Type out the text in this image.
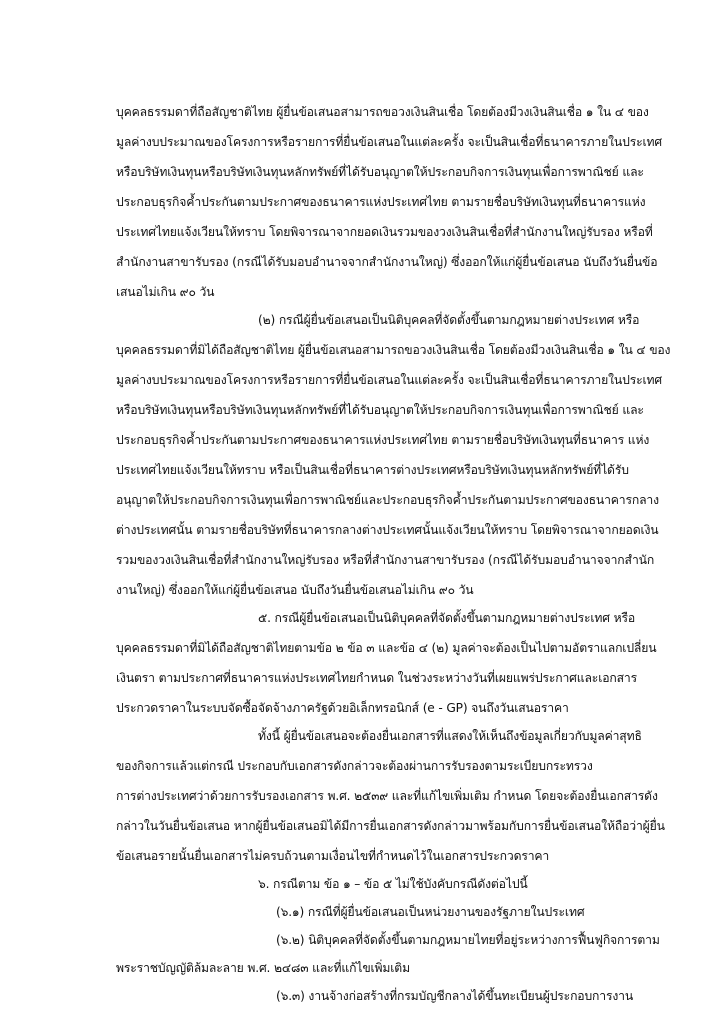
บุคคลธรรมดาที่ถือสัญชาติไทย ผู้ยื่นข้อเสนอสามารถขอวงเงินสินเชื่อ โดยต้องมีวงเงินสินเชื่อ ๑ ใน ๔ ของ
มูลค่างบประมาณของโครงการหรือรายการที่ยื่นข้อเสนอในแต่ละครั้ง จะเป็นสินเชื่อที่ธนาคารภายในประเทศ
หรือบริษัทเงินทุนหรือบริษัทเงินทุนหลักทรัพย์ที่ได้รับอนุญาตให้ประกอบกิจการเงินทุนเพื่อการพาณิชย์ และ
ประกอบธุรกิจค้ำประกันตามประกาศของธนาคารแห่งประเทศไทย ตามรายชื่อบริษัทเงินทุนที่ธนาคารแห่ง
ประเทศไทยแจ้งเวียนให้ทราบ โดยพิจารณาจากยอดเงินรวมของวงเงินสินเชื่อที่สำนักงานใหญ่รับรอง หรือที่
สำนักงานสาขารับรอง (กรณีได้รับมอบอำนาจจากสำนักงานใหญ่) ซึ่งออกให้แก่ผู้ยื่นข้อเสนอ นับถึงวันยื่นข้อ
เสนอไม่เกิน ๙๐ วัน
(๒) กรณีผู้ยื่นข้อเสนอเป็นนิติบุคคลที่จัดตั้งขึ้นตามกฎหมายต่างประเทศ หรือ
บุคคลธรรมดาที่มิได้ถือสัญชาติไทย ผู้ยื่นข้อเสนอสามารถขอวงเงินสินเชื่อ โดยต้องมีวงเงินสินเชื่อ ๑ ใน ๔ ของ
มูลค่างบประมาณของโครงการหรือรายการที่ยื่นข้อเสนอในแต่ละครั้ง จะเป็นสินเชื่อที่ธนาคารภายในประเทศ
หรือบริษัทเงินทุนหรือบริษัทเงินทุนหลักทรัพย์ที่ได้รับอนุญาตให้ประกอบกิจการเงินทุนเพื่อการพาณิชย์ และ
ประกอบธุรกิจค้ำประกันตามประกาศของธนาคารแห่งประเทศไทย ตามรายชื่อบริษัทเงินทุนที่ธนาคาร แห่ง
ประเทศไทยแจ้งเวียนให้ทราบ หรือเป็นสินเชื่อที่ธนาคารต่างประเทศหรือบริษัทเงินทุนหลักทรัพย์ที่ได้รับ
อนุญาตให้ประกอบกิจการเงินทุนเพื่อการพาณิชย์และประกอบธุรกิจค้ำประกันตามประกาศของธนาคารกลาง
ต่างประเทศนั้น ตามรายชื่อบริษัทที่ธนาคารกลางต่างประเทศนั้นแจ้งเวียนให้ทราบ โดยพิจารณาจากยอดเงิน
รวมของวงเงินสินเชื่อที่สำนักงานใหญ่รับรอง หรือที่สำนักงานสาขารับรอง (กรณีได้รับมอบอำนาจจากสำนัก
งานใหญ่) ซึ่งออกให้แก่ผู้ยื่นข้อเสนอ นับถึงวันยื่นข้อเสนอไม่เกิน ๙๐ วัน
๕. กรณีผู้ยื่นข้อเสนอเป็นนิติบุคคลที่จัดตั้งขึ้นตามกฎหมายต่างประเทศ หรือ
บุคคลธรรมดาที่มิได้ถือสัญชาติไทยตามข้อ ๒ ข้อ ๓ และข้อ ๔ (๒) มูลค่าจะต้องเป็นไปตามอัตราแลกเปลี่ยน
เงินตรา ตามประกาศที่ธนาคารแห่งประเทศไทยกำหนด ในช่วงระหว่างวันที่เผยแพร่ประกาศและเอกสาร
ประกวดราคาในระบบจัดซื้อจัดจ้างภาครัฐด้วยอิเล็กทรอนิกส์ (e - GP) จนถึงวันเสนอราคา
ทั้งนี้ ผู้ยื่นข้อเสนอจะต้องยื่นเอกสารที่แสดงให้เห็นถึงข้อมูลเกี่ยวกับมูลค่าสุทธิ
ของกิจการแล้วแต่กรณี ประกอบกับเอกสารดังกล่าวจะต้องผ่านการรับรองตามระเบียบกระทรวง
การต่างประเทศว่าด้วยการรับรองเอกสาร พ.ศ. ๒๕๓๙ และที่แก้ไขเพิ่มเติม กำหนด โดยจะต้องยื่นเอกสารดัง
กล่าวในวันยื่นข้อเสนอ หากผู้ยื่นข้อเสนอมิได้มีการยื่นเอกสารดังกล่าวมาพร้อมกับการยื่นข้อเสนอให้ถือว่าผู้ยื่น
ข้อเสนอรายนั้นยื่นเอกสารไม่ครบถ้วนตามเงื่อนไขที่กำหนดไว้ในเอกสารประกวดราคา
๖. กรณีตาม ข้อ ๑ – ข้อ ๕ ไม่ใช้บังคับกรณีดังต่อไปนี้
(๖.๑) กรณีที่ผู้ยื่นข้อเสนอเป็นหน่วยงานของรัฐภายในประเทศ
(๖.๒) นิติบุคคลที่จัดตั้งขึ้นตามกฎหมายไทยที่อยู่ระหว่างการฟื้นฟูกิจการตาม
พระราชบัญญัติล้มละลาย พ.ศ. ๒๔๘๓ และที่แก้ไขเพิ่มเติม
(๖.๓) งานจ้างก่อสร้างที่กรมบัญชีกลางได้ขึ้นทะเบียนผู้ประกอบการงาน
